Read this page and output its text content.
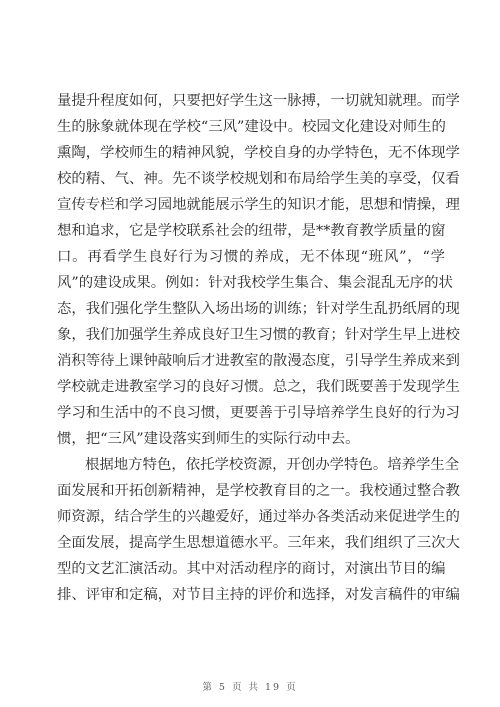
量提升程度如何，只要把好学生这一脉搏，一切就知就理。而学
生的脉象就体现在学校“三风”建设中。校园文化建设对师生的
熏陶，学校师生的精神风貌，学校自身的办学特色，无不体现学
校的精、气、神。先不谈学校规划和布局给学生美的享受，仅看
宣传专栏和学习园地就能展示学生的知识才能，思想和情操，理
想和追求，它是学校联系社会的纽带，是**教育教学质量的窗
口。再看学生良好行为习惯的养成，无不体现“班风”，“学
风”的建设成果。例如：针对我校学生集合、集会混乱无序的状
态，我们强化学生整队入场出场的训练；针对学生乱扔纸屑的现
象，我们加强学生养成良好卫生习惯的教育；针对学生早上进校
消积等待上课钟敲响后才进教室的散漫态度，引导学生养成来到
学校就走进教室学习的良好习惯。总之，我们既要善于发现学生
学习和生活中的不良习惯，更要善于引导培养学生良好的行为习
惯，把“三风”建设落实到师生的实际行动中去。
根据地方特色，依托学校资源，开创办学特色。培养学生全
面发展和开拓创新精神，是学校教育目的之一。我校通过整合教
师资源，结合学生的兴趣爱好，通过举办各类活动来促进学生的
全面发展，提高学生思想道德水平。三年来，我们组织了三次大
型的文艺汇演活动。其中对活动程序的商讨，对演出节目的编
排、评审和定稿，对节目主持的评价和选择，对发言稿件的审编
第 5 页 共 19 页
